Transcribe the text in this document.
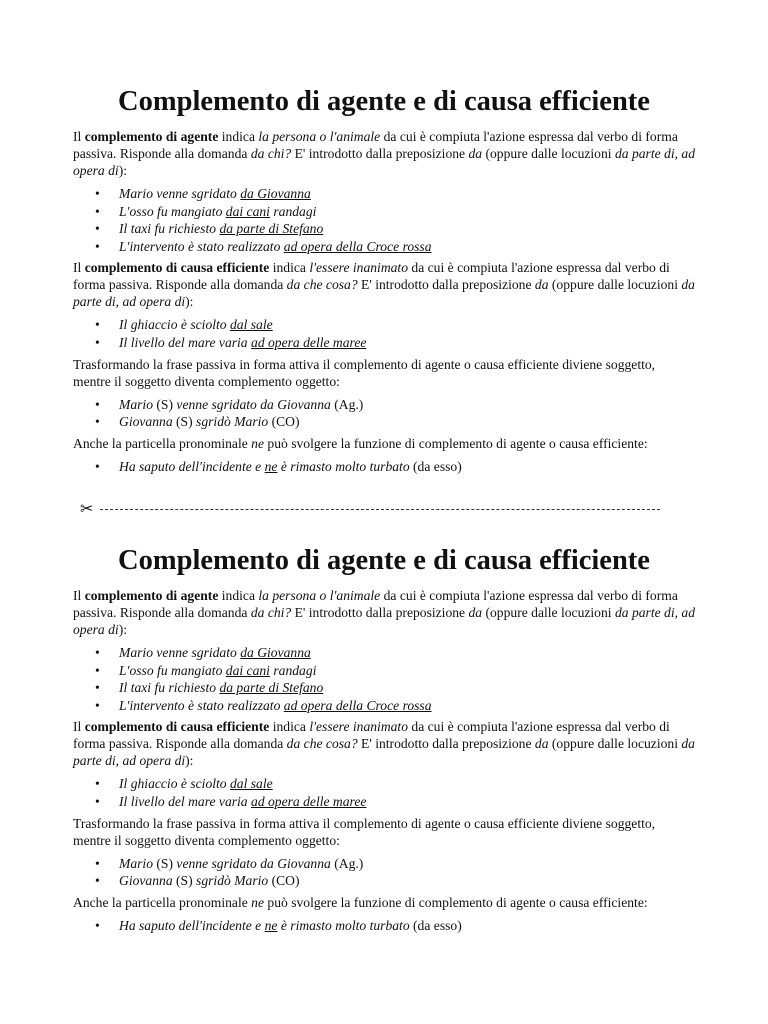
Complemento di agente e di causa efficiente

Il complemento di agente indica la persona o l'animale da cui è compiuta l'azione espressa dal verbo di forma passiva. Risponde alla domanda da chi? E' introdotto dalla preposizione da (oppure dalle locuzioni da parte di, ad opera di):

• Mario venne sgridato da Giovanna
• L'osso fu mangiato dai cani randagi
• Il taxi fu richiesto da parte di Stefano
• L'intervento è stato realizzato ad opera della Croce rossa

Il complemento di causa efficiente indica l'essere inanimato da cui è compiuta l'azione espressa dal verbo di forma passiva. Risponde alla domanda da che cosa? E' introdotto dalla preposizione da (oppure dalle locuzioni da parte di, ad opera di):

• Il ghiaccio è sciolto dal sale
• Il livello del mare varia ad opera delle maree

Trasformando la frase passiva in forma attiva il complemento di agente o causa efficiente diviene soggetto, mentre il soggetto diventa complemento oggetto:

• Mario (S) venne sgridato da Giovanna (Ag.)
• Giovanna (S) sgridò Mario (CO)

Anche la particella pronominale ne può svolgere la funzione di complemento di agente o causa efficiente:

• Ha saputo dell'incidente e ne è rimasto molto turbato (da esso)
✂
Complemento di agente e di causa efficiente

Il complemento di agente indica la persona o l'animale da cui è compiuta l'azione espressa dal verbo di forma passiva. Risponde alla domanda da chi? E' introdotto dalla preposizione da (oppure dalle locuzioni da parte di, ad opera di):

• Mario venne sgridato da Giovanna
• L'osso fu mangiato dai cani randagi
• Il taxi fu richiesto da parte di Stefano
• L'intervento è stato realizzato ad opera della Croce rossa

Il complemento di causa efficiente indica l'essere inanimato da cui è compiuta l'azione espressa dal verbo di forma passiva. Risponde alla domanda da che cosa? E' introdotto dalla preposizione da (oppure dalle locuzioni da parte di, ad opera di):

• Il ghiaccio è sciolto dal sale
• Il livello del mare varia ad opera delle maree

Trasformando la frase passiva in forma attiva il complemento di agente o causa efficiente diviene soggetto, mentre il soggetto diventa complemento oggetto:

• Mario (S) venne sgridato da Giovanna (Ag.)
• Giovanna (S) sgridò Mario (CO)

Anche la particella pronominale ne può svolgere la funzione di complemento di agente o causa efficiente:

• Ha saputo dell'incidente e ne è rimasto molto turbato (da esso)
